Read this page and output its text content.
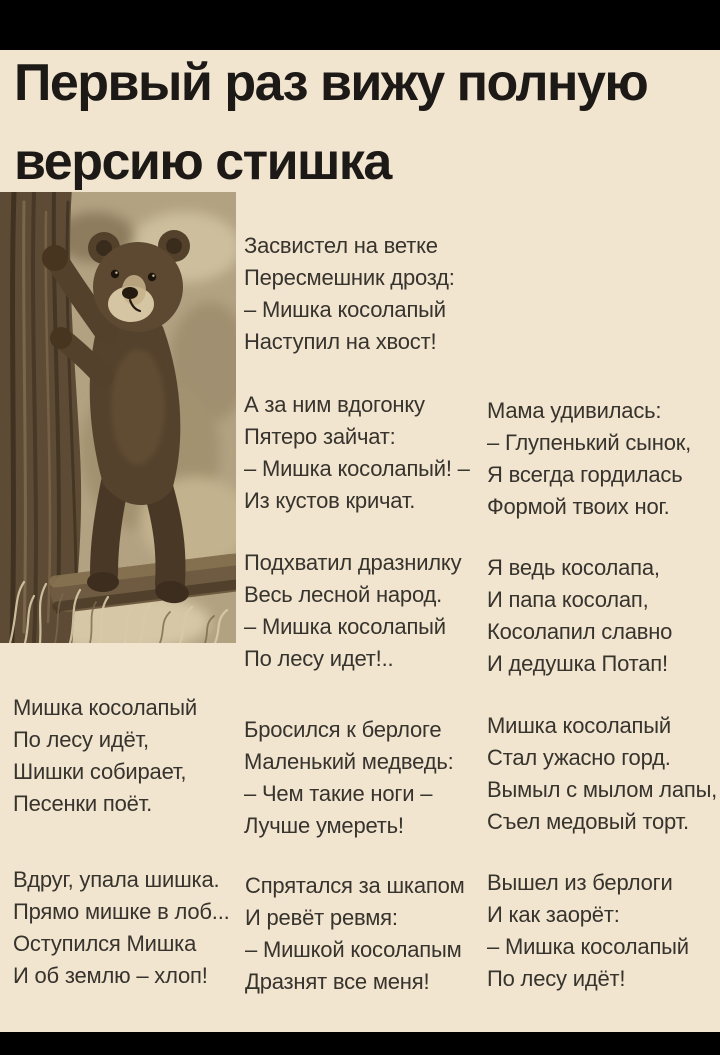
Первый раз вижу полную
версию стишка
Засвистел на ветке
Пересмешник дрозд:
– Мишка косолапый
Наступил на хвост!
А за ним вдогонку
Пятеро зайчат:
– Мишка косолапый! –
Из кустов кричат.
Мама удивилась:
– Глупенький сынок,
Я всегда гордилась
Формой твоих ног.
Подхватил дразнилку
Весь лесной народ.
– Мишка косолапый
По лесу идет!..
Я ведь косолапа,
И папа косолап,
Косолапил славно
И дедушка Потап!
Мишка косолапый
По лесу идёт,
Шишки собирает,
Песенки поёт.
Бросился к берлоге
Маленький медведь:
– Чем такие ноги –
Лучше умереть!
Мишка косолапый
Стал ужасно горд.
Вымыл с мылом лапы,
Съел медовый торт.
Вдруг, упала шишка.
Прямо мишке в лоб...
Оступился Мишка
И об землю – хлоп!
Спрятался за шкапом
И ревёт ревмя:
– Мишкой косолапым
Дразнят все меня!
Вышел из берлоги
И как заорёт:
– Мишка косолапый
По лесу идёт!
